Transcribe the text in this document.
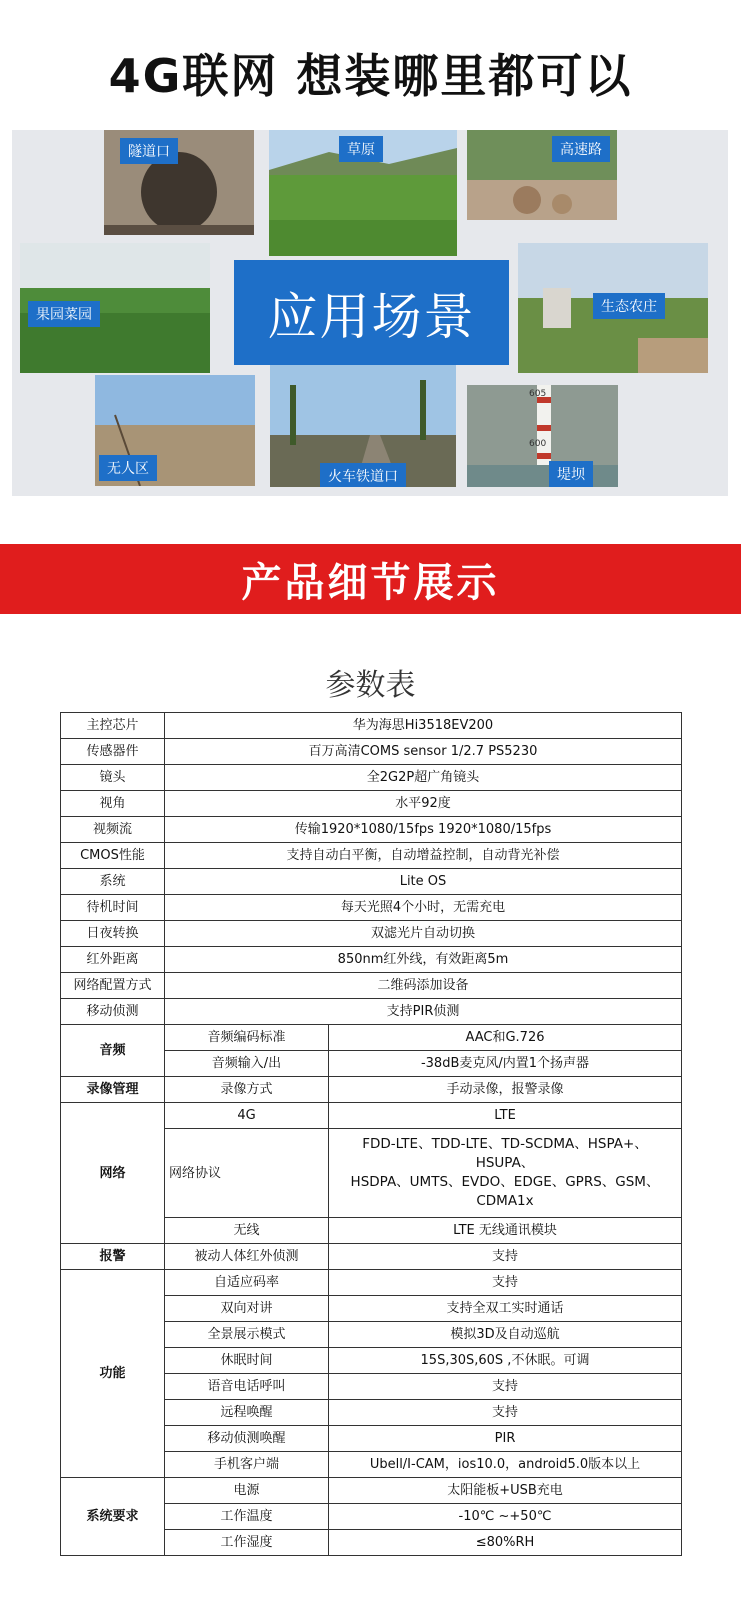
4G联网 想装哪里都可以
隧道口	草原	高速路
果园菜园	应用场景	生态农庄
无人区	火车铁道口
605
600
堤坝
产品细节展示
参数表
主控芯片	华为海思Hi3518EV200	
传感器件	百万高清COMS sensor 1/2.7 PS5230	
镜头	全2G2P超广角镜头	
视角	水平92度	
视频流	传输1920*1080/15fps 1920*1080/15fps	
CMOS性能	支持自动白平衡，自动增益控制，自动背光补偿	
系统	Lite OS	
待机时间	每天光照4个小时，无需充电	
日夜转换	双滤光片自动切换	
红外距离	850nm红外线，有效距离5m	
网络配置方式	二维码添加设备	
移动侦测	支持PIR侦测	
音频	音频编码标准	AAC和G.726
	音频输入/出	-38dB麦克风/内置1个扬声器
录像管理	录像方式	手动录像，报警录像
网络	4G	LTE
	网络协议	FDD-LTE、TDD-LTE、TD-SCDMA、HSPA+、
HSUPA、
HSDPA、UMTS、EVDO、EDGE、GPRS、GSM、
CDMA1x

	无线	LTE 无线通讯模块
报警	被动人体红外侦测	支持
功能	自适应码率	支持
	双向对讲	支持全双工实时通话
	全景展示模式	模拟3D及自动巡航
	休眠时间	15S,30S,60S ,不休眠。可调
	语音电话呼叫	支持
	远程唤醒	支持
	移动侦测唤醒	PIR
	手机客户端	Ubell/I-CAM，ios10.0，android5.0版本以上
系统要求	电源	太阳能板+USB充电
	工作温度	-10℃ ~+50℃
	工作湿度	≤80%RH
